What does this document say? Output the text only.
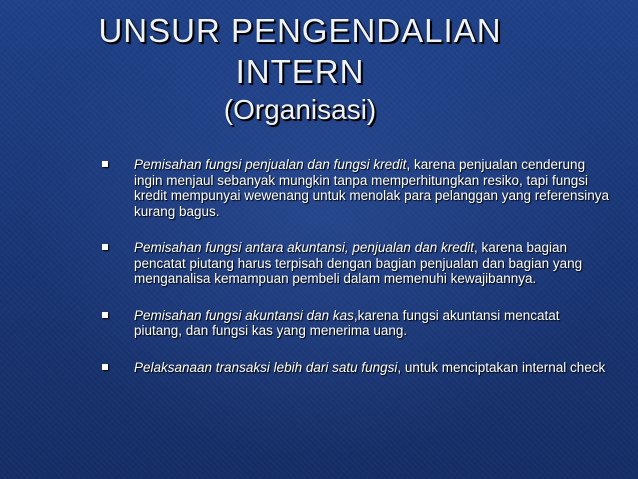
UNSUR PENGENDALIAN
INTERN
(Organisasi)
Pemisahan fungsi penjualan dan fungsi kredit, karena penjualan cenderung ingin menjaul sebanyak mungkin tanpa memperhitungkan resiko, tapi fungsi kredit mempunyai wewenang untuk menolak para pelanggan yang referensinya kurang bagus.
Pemisahan fungsi antara akuntansi, penjualan dan kredit, karena bagian pencatat piutang harus terpisah dengan bagian penjualan dan bagian yang menganalisa kemampuan pembeli dalam memenuhi kewajibannya.
Pemisahan fungsi akuntansi dan kas,karena fungsi akuntansi mencatat piutang, dan fungsi kas yang menerima uang.
Pelaksanaan transaksi lebih dari satu fungsi, untuk menciptakan internal check
